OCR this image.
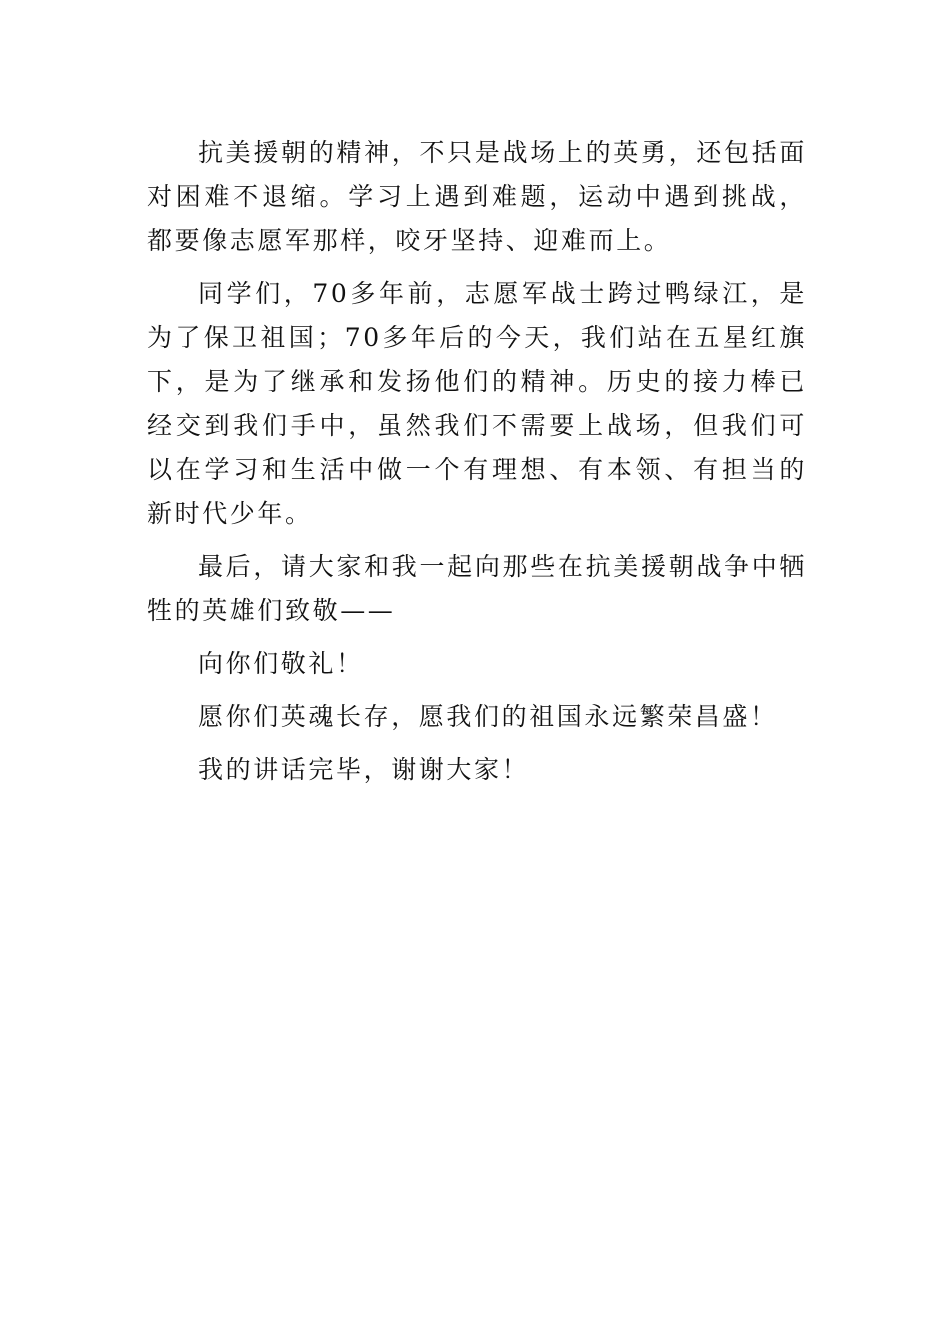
抗美援朝的精神，不只是战场上的英勇，还包括面对困难不退缩。学习上遇到难题，运动中遇到挑战，都要像志愿军那样，咬牙坚持、迎难而上。

同学们，70多年前，志愿军战士跨过鸭绿江，是为了保卫祖国；70多年后的今天，我们站在五星红旗下，是为了继承和发扬他们的精神。历史的接力棒已经交到我们手中，虽然我们不需要上战场，但我们可以在学习和生活中做一个有理想、有本领、有担当的新时代少年。

最后，请大家和我一起向那些在抗美援朝战争中牺牲的英雄们致敬——

向你们敬礼！

愿你们英魂长存，愿我们的祖国永远繁荣昌盛！

我的讲话完毕，谢谢大家！
